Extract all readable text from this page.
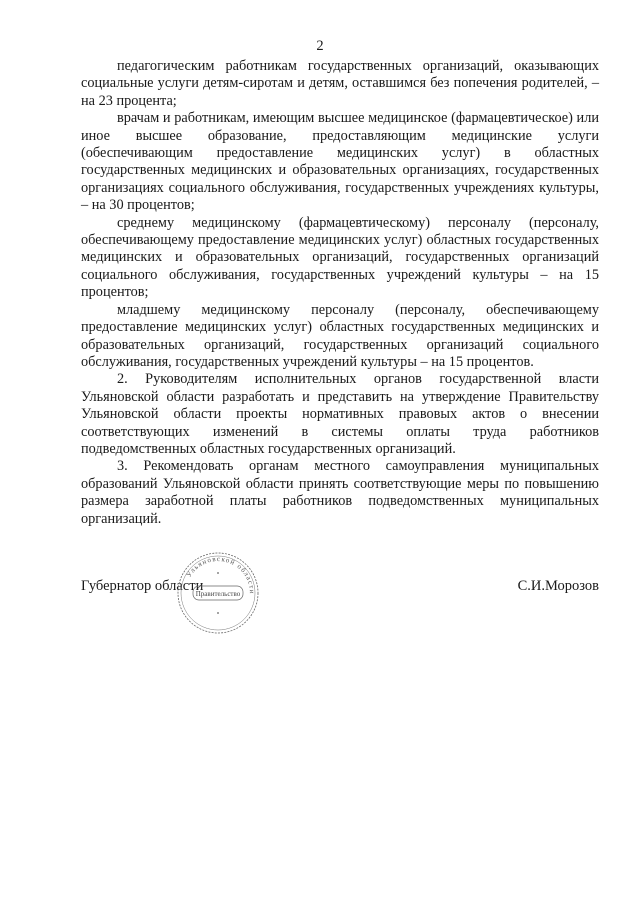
2

педагогическим работникам государственных организаций, оказывающих социальные услуги детям-сиротам и детям, оставшимся без попечения родителей, – на 23 процента;

врачам и работникам, имеющим высшее медицинское (фармацевтическое) или иное высшее образование, предоставляющим медицинские услуги (обеспечивающим предоставление медицинских услуг) в областных государственных медицинских и образовательных организациях, государственных организациях социального обслуживания, государственных учреждениях культуры, – на 30 процентов;

среднему медицинскому (фармацевтическому) персоналу (персоналу, обеспечивающему предоставление медицинских услуг) областных государственных медицинских и образовательных организаций, государственных организаций социального обслуживания, государственных учреждений культуры – на 15 процентов;

младшему медицинскому персоналу (персоналу, обеспечивающему предоставление медицинских услуг) областных государственных медицинских и образовательных организаций, государственных организаций социального обслуживания, государственных учреждений культуры – на 15 процентов.

2. Руководителям исполнительных органов государственной власти Ульяновской области разработать и представить на утверждение Правительству Ульяновской области проекты нормативных правовых актов о внесении соответствующих изменений в системы оплаты труда работников подведомственных областных государственных организаций.

3. Рекомендовать органам местного самоуправления муниципальных образований Ульяновской области принять соответствующие меры по повышению размера заработной платы работников подведомственных муниципальных организаций.

Губернатор области	С.И.Морозов
Ульяновской области
Правительство
